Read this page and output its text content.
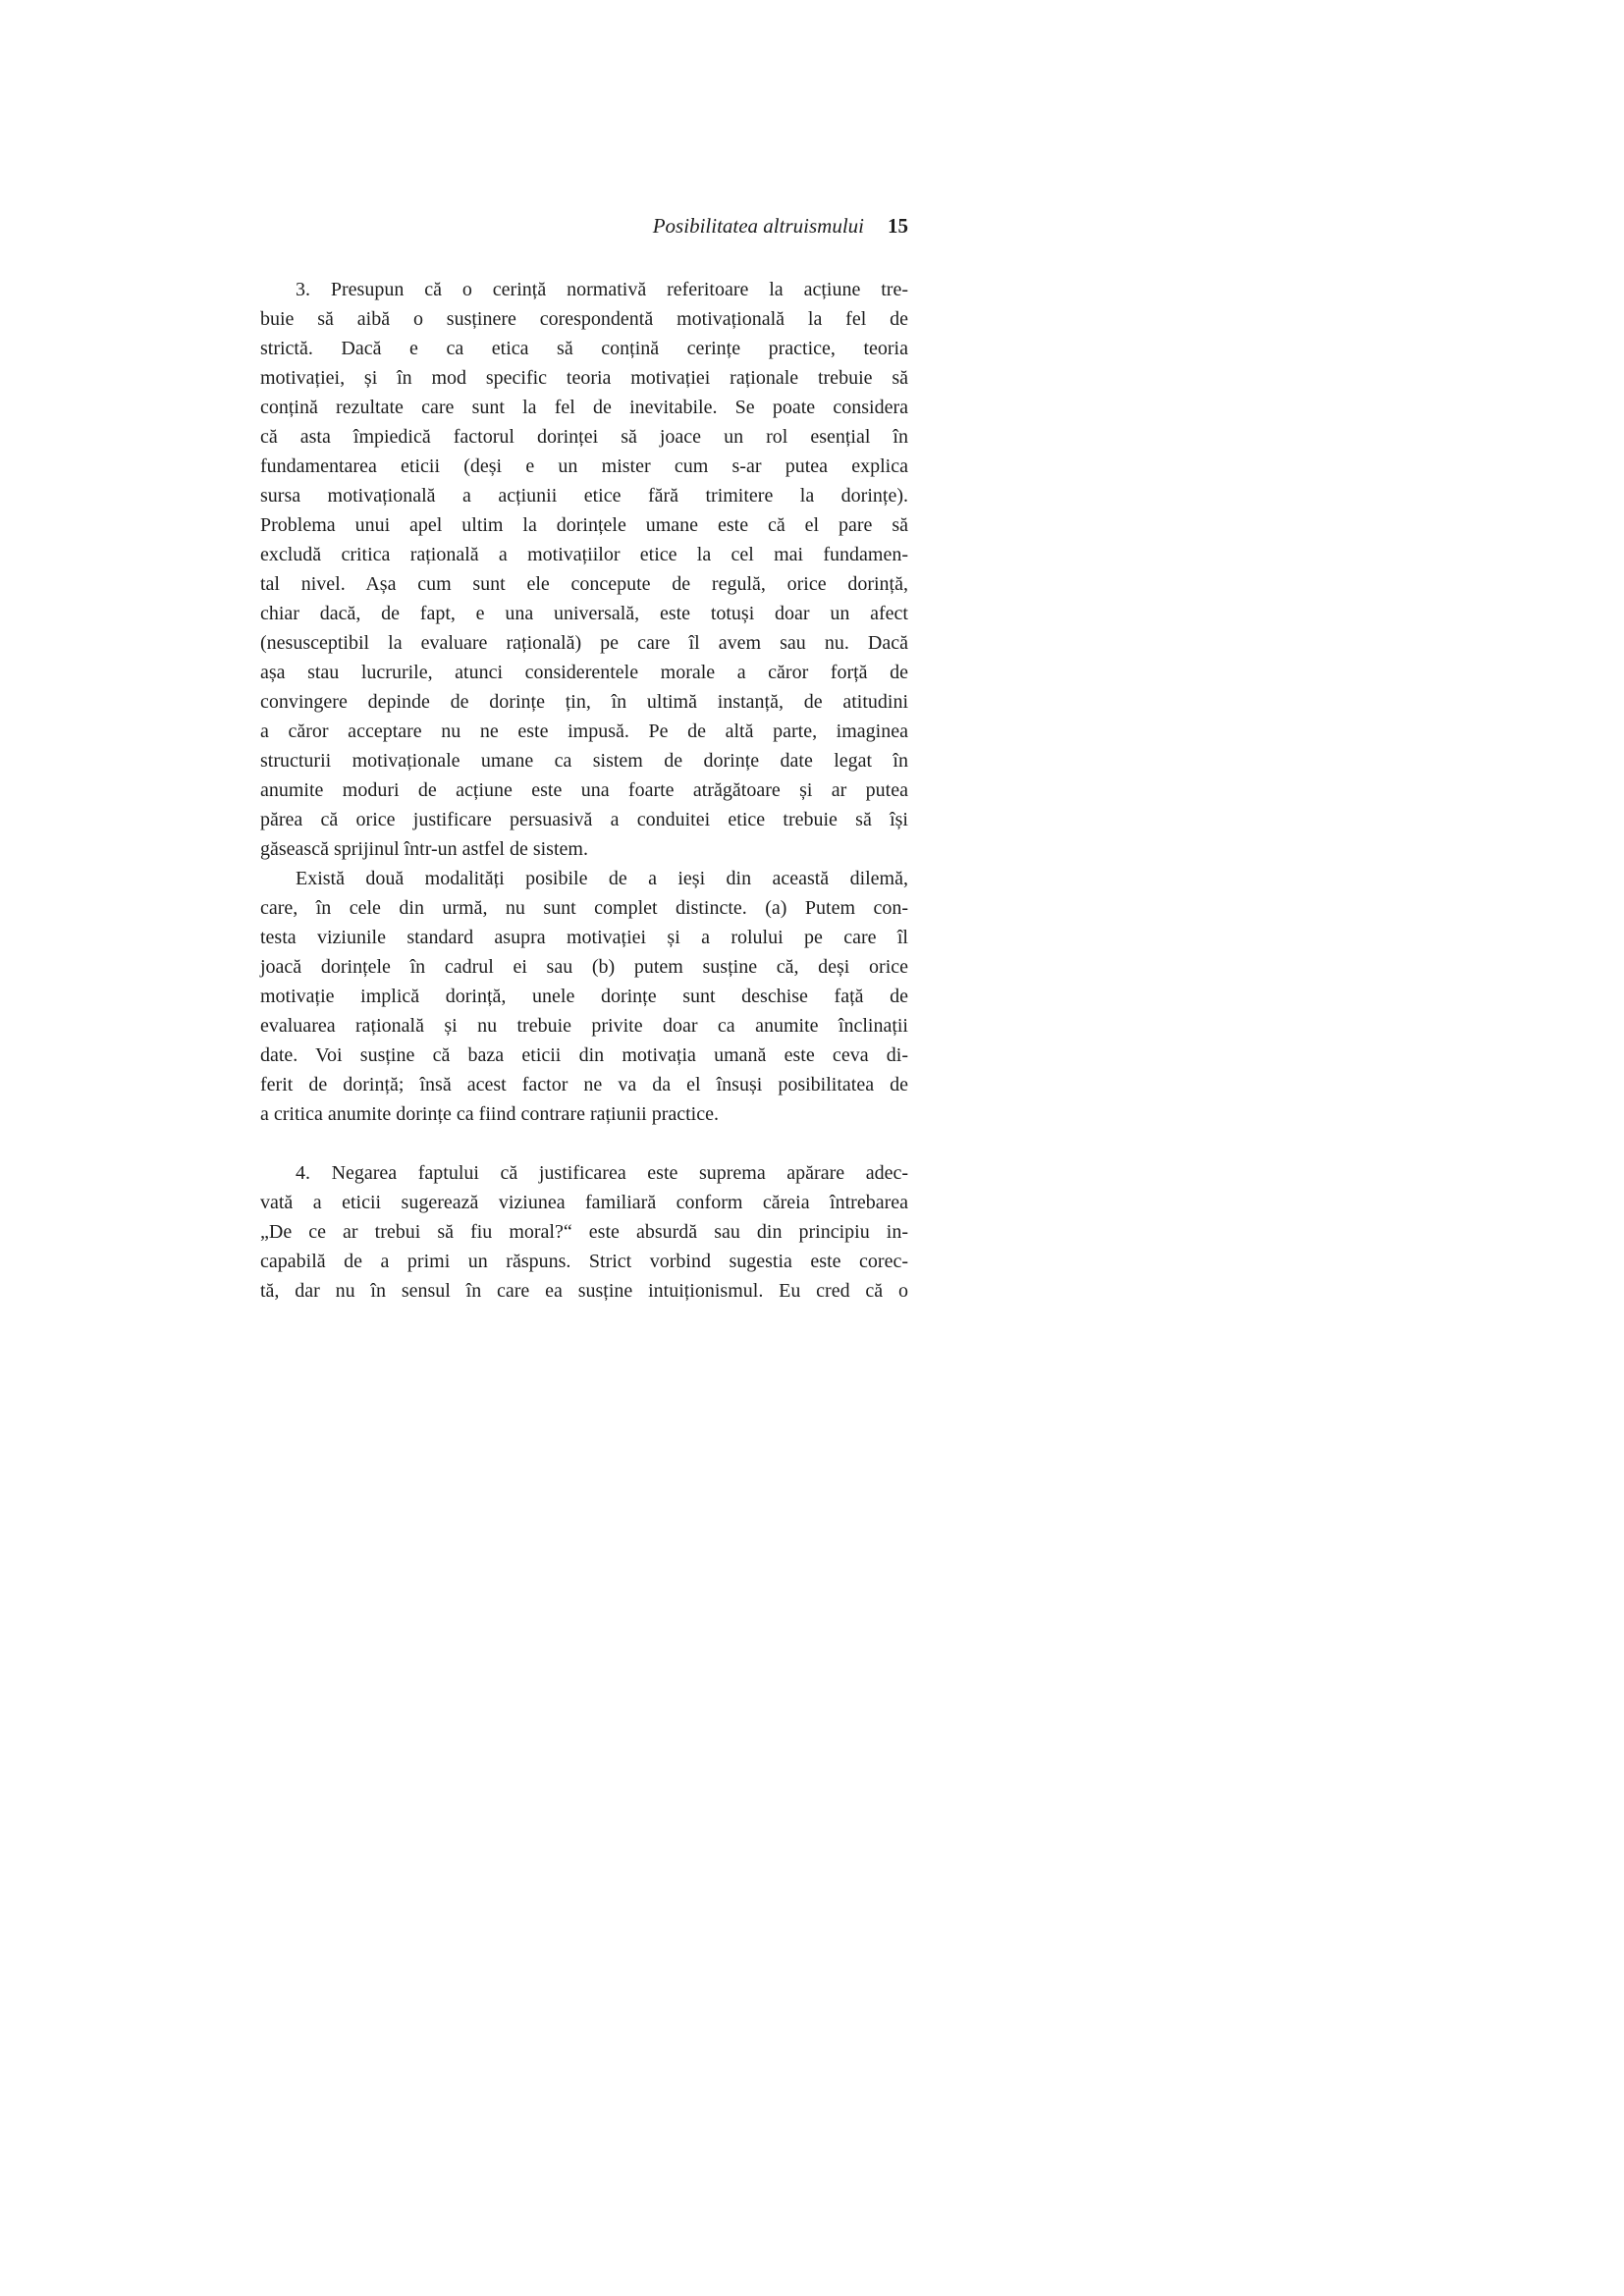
Posibilitatea altruismului 15
3. Presupun că o cerință normativă referitoare la acțiune tre-
buie să aibă o susținere corespondentă motivațională la fel de
strictă. Dacă e ca etica să conțină cerințe practice, teoria
motivației, și în mod specific teoria motivației raționale trebuie să
conțină rezultate care sunt la fel de inevitabile. Se poate considera
că asta împiedică factorul dorinței să joace un rol esențial în
fundamentarea eticii (deși e un mister cum s-ar putea explica
sursa motivațională a acțiunii etice fără trimitere la dorințe).
Problema unui apel ultim la dorințele umane este că el pare să
excludă critica rațională a motivațiilor etice la cel mai fundamen-
tal nivel. Așa cum sunt ele concepute de regulă, orice dorință,
chiar dacă, de fapt, e una universală, este totuși doar un afect
(nesusceptibil la evaluare rațională) pe care îl avem sau nu. Dacă
așa stau lucrurile, atunci considerentele morale a căror forță de
convingere depinde de dorințe țin, în ultimă instanță, de atitudini
a căror acceptare nu ne este impusă. Pe de altă parte, imaginea
structurii motivaționale umane ca sistem de dorințe date legat în
anumite moduri de acțiune este una foarte atrăgătoare și ar putea
părea că orice justificare persuasivă a conduitei etice trebuie să își
găsească sprijinul într-un astfel de sistem.
Există două modalități posibile de a ieși din această dilemă,
care, în cele din urmă, nu sunt complet distincte. (a) Putem con-
testa viziunile standard asupra motivației și a rolului pe care îl
joacă dorințele în cadrul ei sau (b) putem susține că, deși orice
motivație implică dorință, unele dorințe sunt deschise față de
evaluarea rațională și nu trebuie privite doar ca anumite înclinații
date. Voi susține că baza eticii din motivația umană este ceva di-
ferit de dorință; însă acest factor ne va da el însuși posibilitatea de
a critica anumite dorințe ca fiind contrare rațiunii practice.
4. Negarea faptului că justificarea este suprema apărare adec-
vată a eticii sugerează viziunea familiară conform căreia întrebarea
„De ce ar trebui să fiu moral?“ este absurdă sau din principiu in-
capabilă de a primi un răspuns. Strict vorbind sugestia este corec-
tă, dar nu în sensul în care ea susține intuiționismul. Eu cred că o
